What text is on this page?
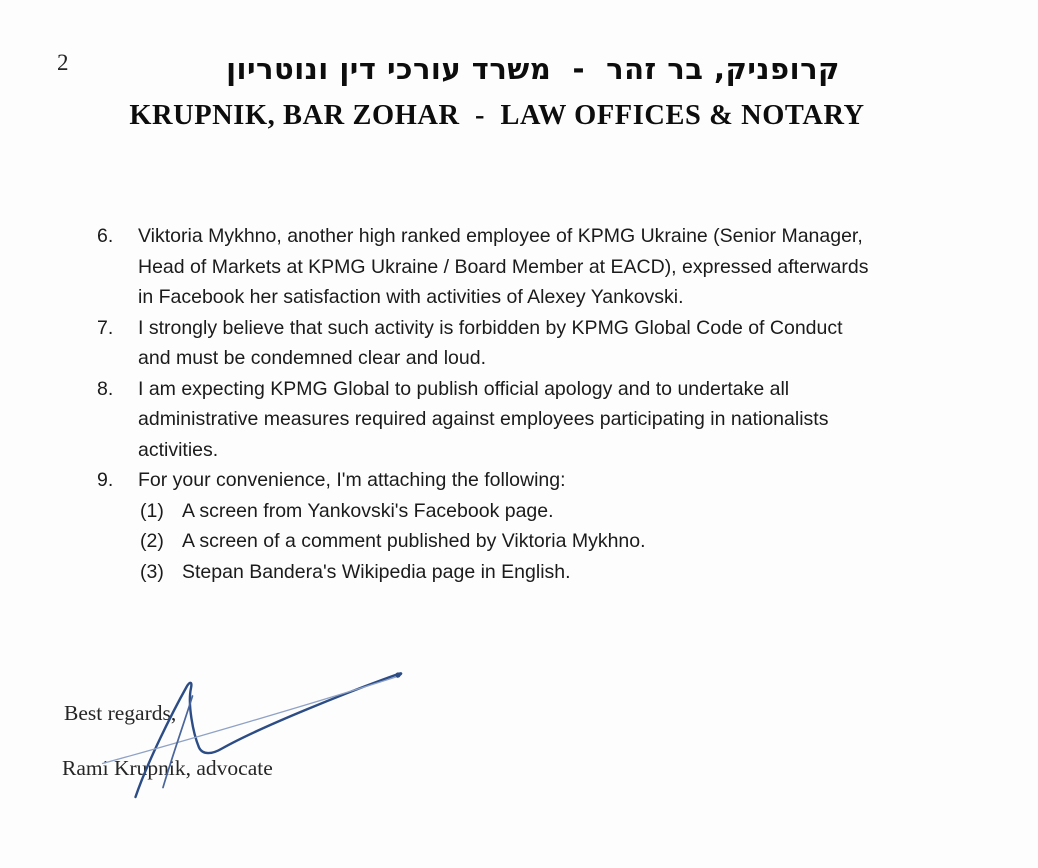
2	קרופניק, בר זהר  -  משרד עורכי דין ונוטריון
KRUPNIK, BAR ZOHAR  -  LAW OFFICES & NOTARY
6.	Viktoria Mykhno, another high ranked employee of KPMG Ukraine (Senior Manager,
Head of Markets at KPMG Ukraine / Board Member at EACD), expressed afterwards
in Facebook her satisfaction with activities of Alexey Yankovski.
7.	I strongly believe that such activity is forbidden by KPMG Global Code of Conduct
and must be condemned clear and loud.
8.	I am expecting KPMG Global to publish official apology and to undertake all
administrative measures required against employees participating in nationalists
activities.
9.	For your convenience, I'm attaching the following:
(1) A screen from Yankovski's Facebook page.
(2) A screen of a comment published by Viktoria Mykhno.
(3) Stepan Bandera's Wikipedia page in English.
Best regards,
Rami Krupnik, advocate
